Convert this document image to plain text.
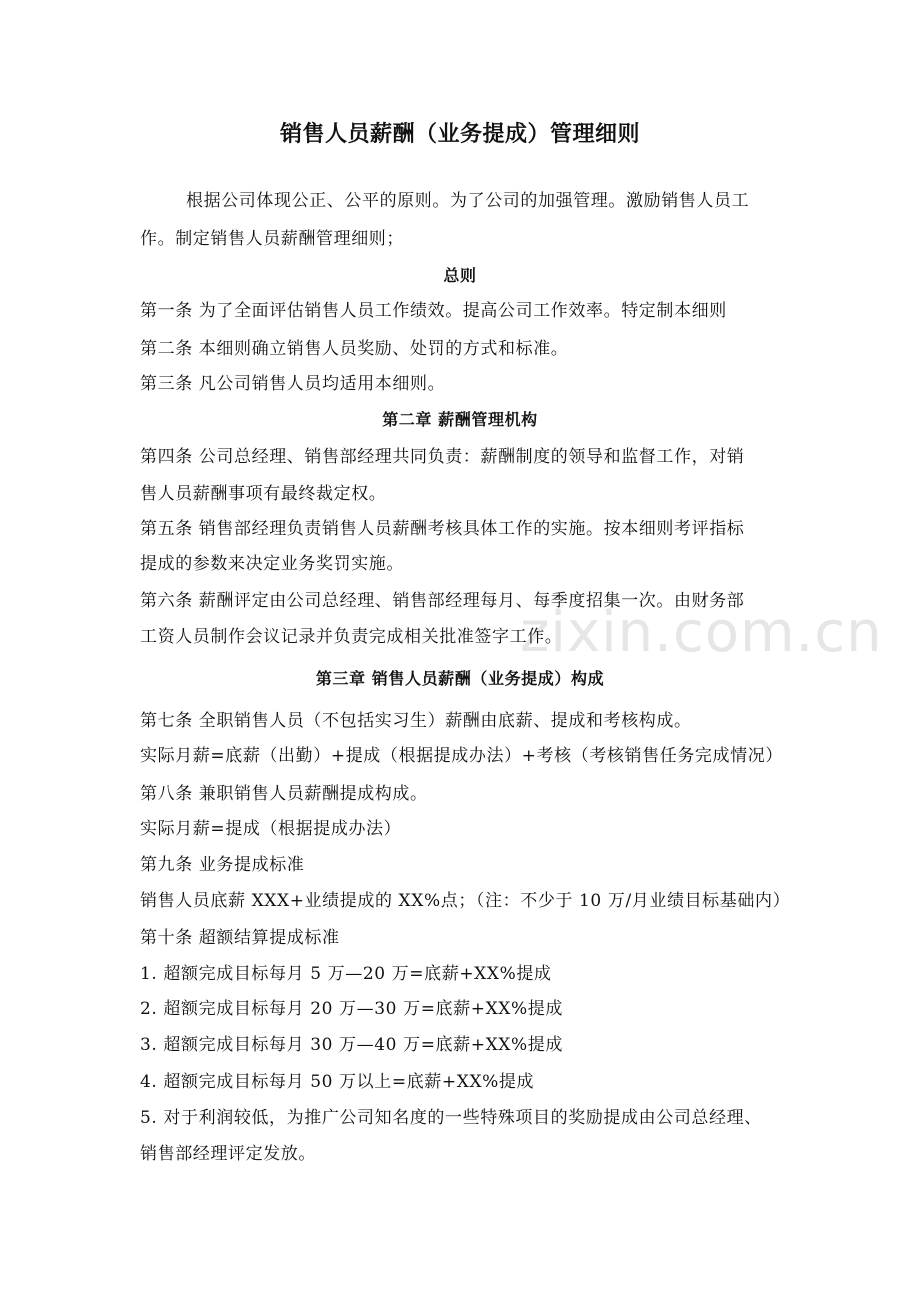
zixin.com.cn
销售人员薪酬（业务提成）管理细则
根据公司体现公正、公平的原则。为了公司的加强管理。激励销售人员工
作。制定销售人员薪酬管理细则；
总则
第一条 为了全面评估销售人员工作绩效。提高公司工作效率。特定制本细则
第二条 本细则确立销售人员奖励、处罚的方式和标准。
第三条 凡公司销售人员均适用本细则。
第二章 薪酬管理机构
第四条 公司总经理、销售部经理共同负责：薪酬制度的领导和监督工作，对销
售人员薪酬事项有最终裁定权。
第五条 销售部经理负责销售人员薪酬考核具体工作的实施。按本细则考评指标
提成的参数来决定业务奖罚实施。
第六条 薪酬评定由公司总经理、销售部经理每月、每季度招集一次。由财务部
工资人员制作会议记录并负责完成相关批准签字工作。
第三章 销售人员薪酬（业务提成）构成
第七条 全职销售人员（不包括实习生）薪酬由底薪、提成和考核构成。
实际月薪=底薪（出勤）+提成（根据提成办法）+考核（考核销售任务完成情况）
第八条 兼职销售人员薪酬提成构成。
实际月薪=提成（根据提成办法）
第九条 业务提成标准
销售人员底薪 XXX+业绩提成的 XX%点；（注：不少于 10 万/月业绩目标基础内）
第十条 超额结算提成标准
1. 超额完成目标每月 5 万—20 万=底薪+XX%提成
2. 超额完成目标每月 20 万—30 万=底薪+XX%提成
3. 超额完成目标每月 30 万—40 万=底薪+XX%提成
4. 超额完成目标每月 50 万以上=底薪+XX%提成
5. 对于利润较低，为推广公司知名度的一些特殊项目的奖励提成由公司总经理、
销售部经理评定发放。
